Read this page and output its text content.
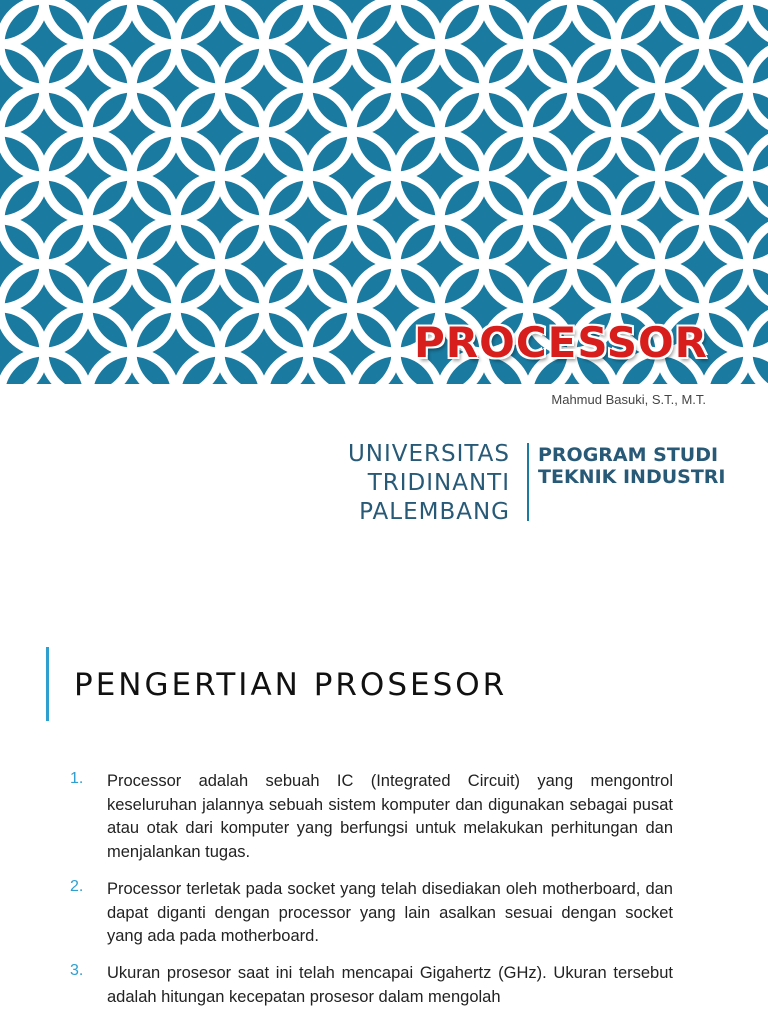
PROCESSOR
Mahmud Basuki, S.T., M.T.
UNIVERSITAS
TRIDINANTI
PALEMBANG
PROGRAM STUDI
TEKNIK INDUSTRI
PENGERTIAN PROSESOR
1. Processor adalah sebuah IC (Integrated Circuit) yang mengontrol keseluruhan jalannya sebuah sistem komputer dan digunakan sebagai pusat atau otak dari komputer yang berfungsi untuk melakukan perhitungan dan menjalankan tugas.
2. Processor terletak pada socket yang telah disediakan oleh motherboard, dan dapat diganti dengan processor yang lain asalkan sesuai dengan socket yang ada pada motherboard.
3. Ukuran prosesor saat ini telah mencapai Gigahertz (GHz). Ukuran tersebut adalah hitungan kecepatan prosesor dalam mengolah
